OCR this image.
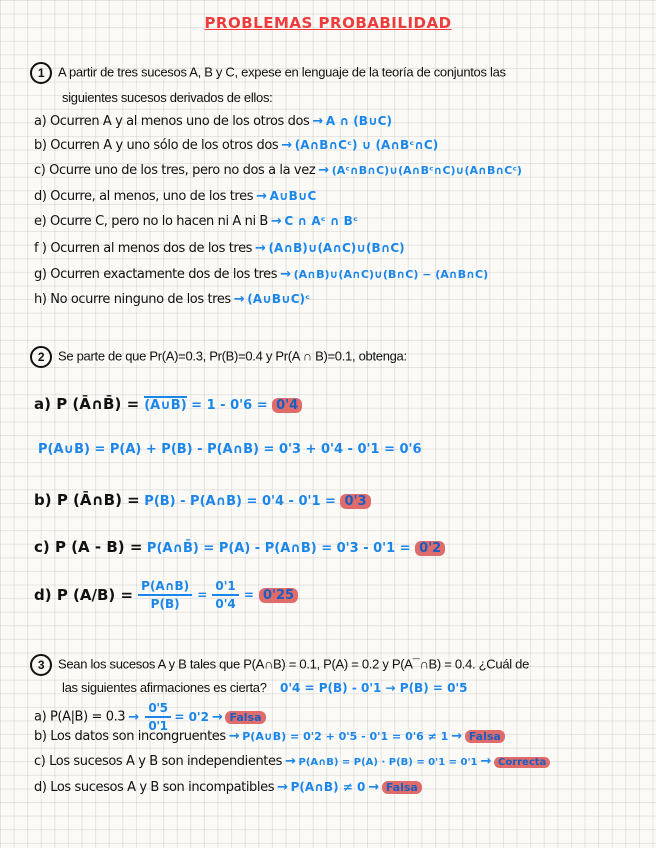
PROBLEMAS PROBABILIDAD
1 A partir de tres sucesos A, B y C, expese en lenguaje de la teoría de conjuntos las
siguientes sucesos derivados de ellos:
a) Ocurren A y al menos uno de los otros dos → A ∩ (B∪C)
b) Ocurren A y uno sólo de los otros dos → (A∩B∩Cᶜ) ∪ (A∩Bᶜ∩C)
c) Ocurre uno de los tres, pero no dos a la vez → (Aᶜ∩B∩C)∪(A∩Bᶜ∩C)∪(A∩B∩Cᶜ)
d) Ocurre, al menos, uno de los tres → A∪B∪C
e) Ocurre C, pero no lo hacen ni A ni B → C ∩ Aᶜ ∩ Bᶜ
f ) Ocurren al menos dos de los tres → (A∩B)∪(A∩C)∪(B∩C)
g) Ocurren exactamente dos de los tres → (A∩B)∪(A∩C)∪(B∩C) − (A∩B∩C)
h) No ocurre ninguno de los tres → (A∪B∪C)ᶜ
2 Se parte de que Pr(A)=0.3, Pr(B)=0.4 y Pr(A ∩ B)=0.1, obtenga:
a) P (Ā∩B̄) = (A∪B) = 1 - 0'6 = 0'4
P(A∪B) = P(A) + P(B) - P(A∩B) = 0'3 + 0'4 - 0'1 = 0'6
b) P (Ā∩B) = P(B) - P(A∩B) = 0'4 - 0'1 = 0'3
c) P (A - B) = P(A∩B̄) = P(A) - P(A∩B) = 0'3 - 0'1 = 0'2
d) P $(A/B) = \frac{P(A\cap B)}{P(B)} = \frac{0'1}{0'4} = 0'25$
3 Sean los sucesos A y B tales que P(A∩B) = 0.1, P(A) = 0.2 y P(A¯∩B) = 0.4. ¿Cuál de
las siguientes afirmaciones es cierta? 0'4 = P(B) - 0'1 → P(B) = 0'5
a) $P(A|B) = 0.3 \to \frac{0'5}{0'1} = 0'2$ → Falsa
b) Los datos son incongruentes → P(A∪B) = 0'2 + 0'5 - 0'1 = 0'6 ≠ 1 → Falsa
c) Los sucesos A y B son independientes → P(A∩B) = P(A) · P(B) = 0'1 = 0'1 → Correcta
d) Los sucesos A y B son incompatibles → P(A∩B) ≠ 0 → Falsa
